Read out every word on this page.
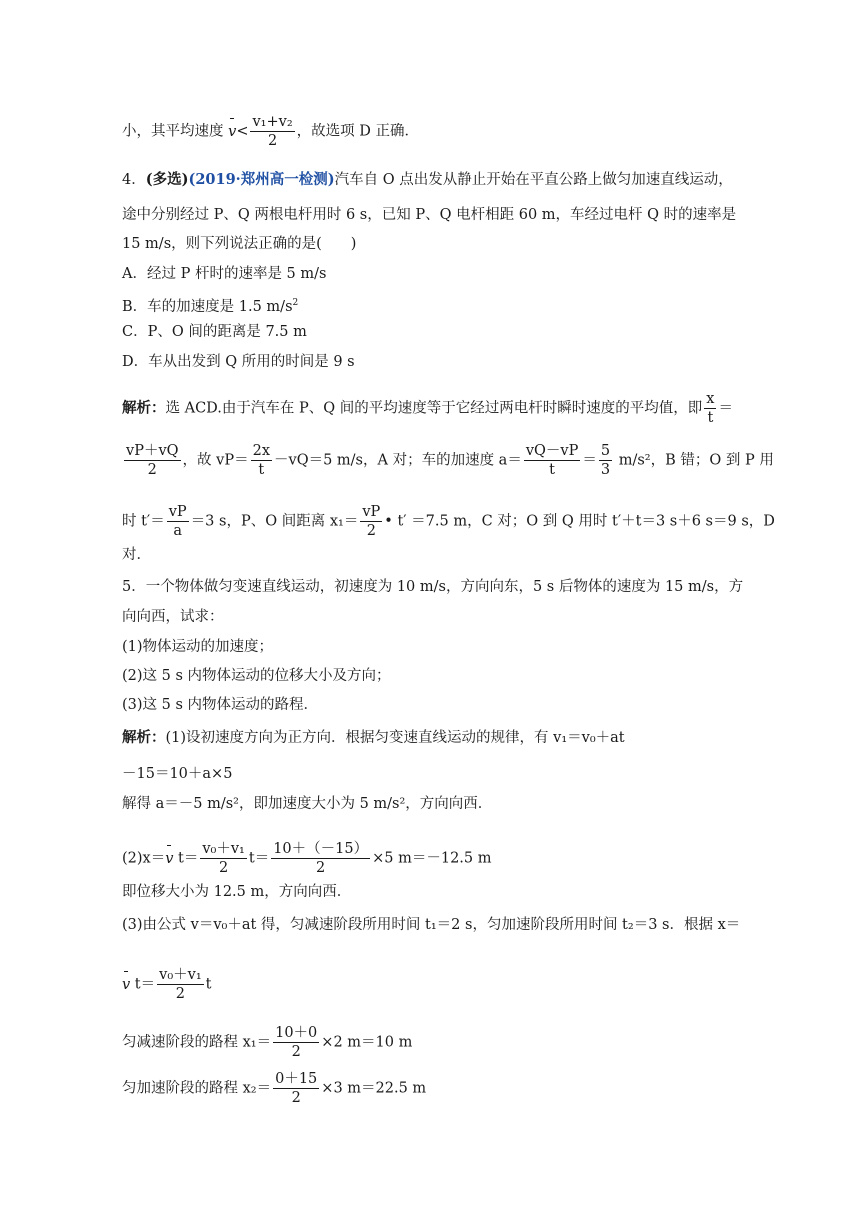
小，其平均速度 $v< \frac{\text{v₁+v₂}}{2}$ ，故选项 D 正确．
4．(多选)(2019·郑州高一检测)汽车自 O 点出发从静止开始在平直公路上做匀加速直线运动，
途中分别经过 P、Q 两根电杆用时 6 s，已知 P、Q 电杆相距 60 m，车经过电杆 Q 时的速率是
15 m/s，则下列说法正确的是(　　)
A．经过 P 杆时的速率是 5 m/s
B．车的加速度是 1.5 $m/s^2$
C．P、O 间的距离是 7.5 m
D．车从出发到 Q 所用的时间是 9 s
解析：选 ACD.由于汽车在 P、Q 间的平均速度等于它经过两电杆时瞬时速度的平均值，即 $\frac{x}{t}$ ＝
$\frac{vP+vQ}{2}$ ，故 $vP= \frac{2x}{t} -vQ=5$ m/s，A 对；车的加速度 $a= \frac{vQ-vP}{t} = \frac{5}{3} m/s^2$，B 错；O 到 P 用
时 $t'= \frac{vP}{a} =3$ s，P、O 间距离 $x_1= \frac{vP}{2}$ • t′ ＝7.5 m，C 对；O 到 Q 用时 t′＋t＝3 s＋6 s＝9 s，D
对．
5．一个物体做匀变速直线运动，初速度为 10 m/s，方向向东，5 s 后物体的速度为 15 m/s，方
向向西，试求：
(1)物体运动的加速度；
(2)这 5 s 内物体运动的位移大小及方向；
(3)这 5 s 内物体运动的路程．
解析：(1)设初速度方向为正方向．根据匀变速直线运动的规律，有 v₁＝v₀＋at
－15＝10＋a×5
解得 a＝－5 m/s²，即加速度大小为 5 m/s²，方向向西．
(2)x＝v $t= \frac{\text{v₀＋v₁}}{2} t= \frac{10+(-15)}{2} \times 5$ m＝－12.5 m
即位移大小为 12.5 m，方向向西．
(3)由公式 v＝v₀＋at 得，匀减速阶段所用时间 t₁＝2 s，匀加速阶段所用时间 t₂＝3 s．根据 x＝
v $t= \frac{\text{v₀＋v₁}}{2}$ t
匀减速阶段的路程 $x_1= \frac{10+0}{2} \times 2$ m＝10 m
匀加速阶段的路程 $x_2= \frac{0+15}{2} \times 3$ m＝22.5 m
